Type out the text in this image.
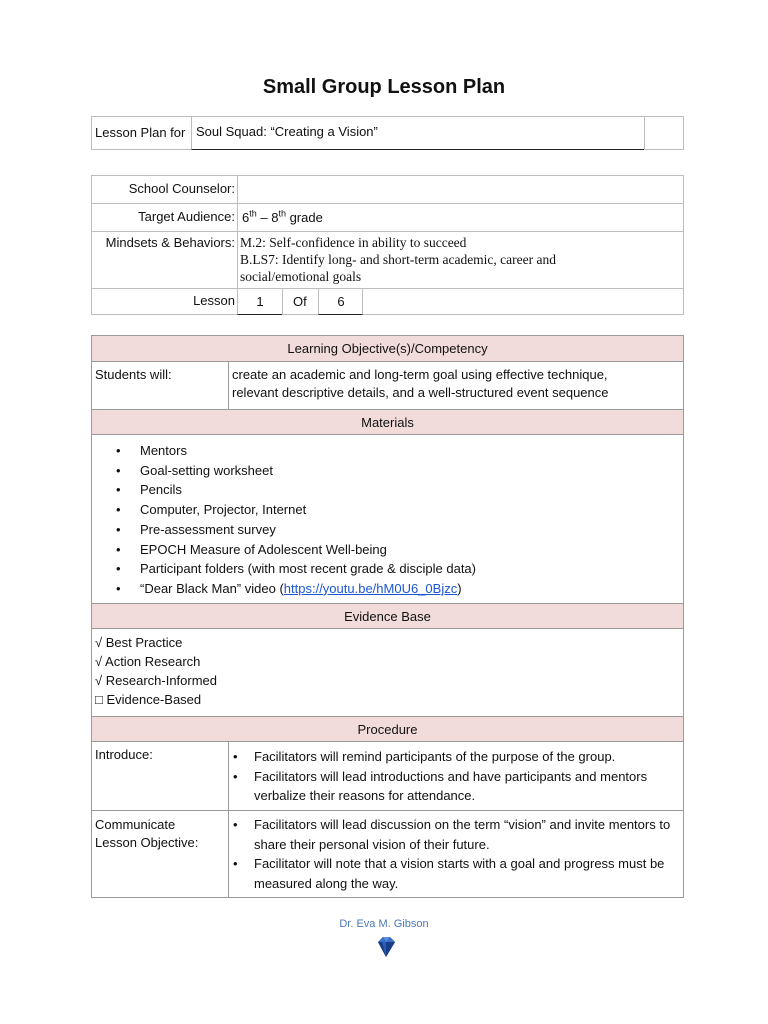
Small Group Lesson Plan
Lesson Plan for Soul Squad: “Creating a Vision”
School Counselor:
Target Audience: 6th – 8th grade
Mindsets & Behaviors: M.2: Self-confidence in ability to succeed
B.LS7: Identify long- and short-term academic, career and
social/emotional goals
Lesson	1	Of	6
Learning Objective(s)/Competency
Students will:	create an academic and long-term goal using effective technique,
relevant descriptive details, and a well-structured event sequence
Materials
• Mentors
• Goal-setting worksheet
• Pencils
• Computer, Projector, Internet
• Pre-assessment survey
• EPOCH Measure of Adolescent Well-being
• Participant folders (with most recent grade & disciple data)
• “Dear Black Man” video (https://youtu.be/hM0U6_0Bjzc)
Evidence Base
√ Best Practice
√ Action Research
√ Research-Informed
□ Evidence-Based
Procedure
Introduce:
•	Facilitators will remind participants of the purpose of the group.
• Facilitators will lead introductions and have participants and mentors verbalize their reasons for attendance.
Communicate
Lesson Objective:
• Facilitators will lead discussion on the term “vision” and invite mentors to share their personal vision of their future.
• Facilitator will note that a vision starts with a goal and progress must be measured along the way.
Dr. Eva M. Gibson
